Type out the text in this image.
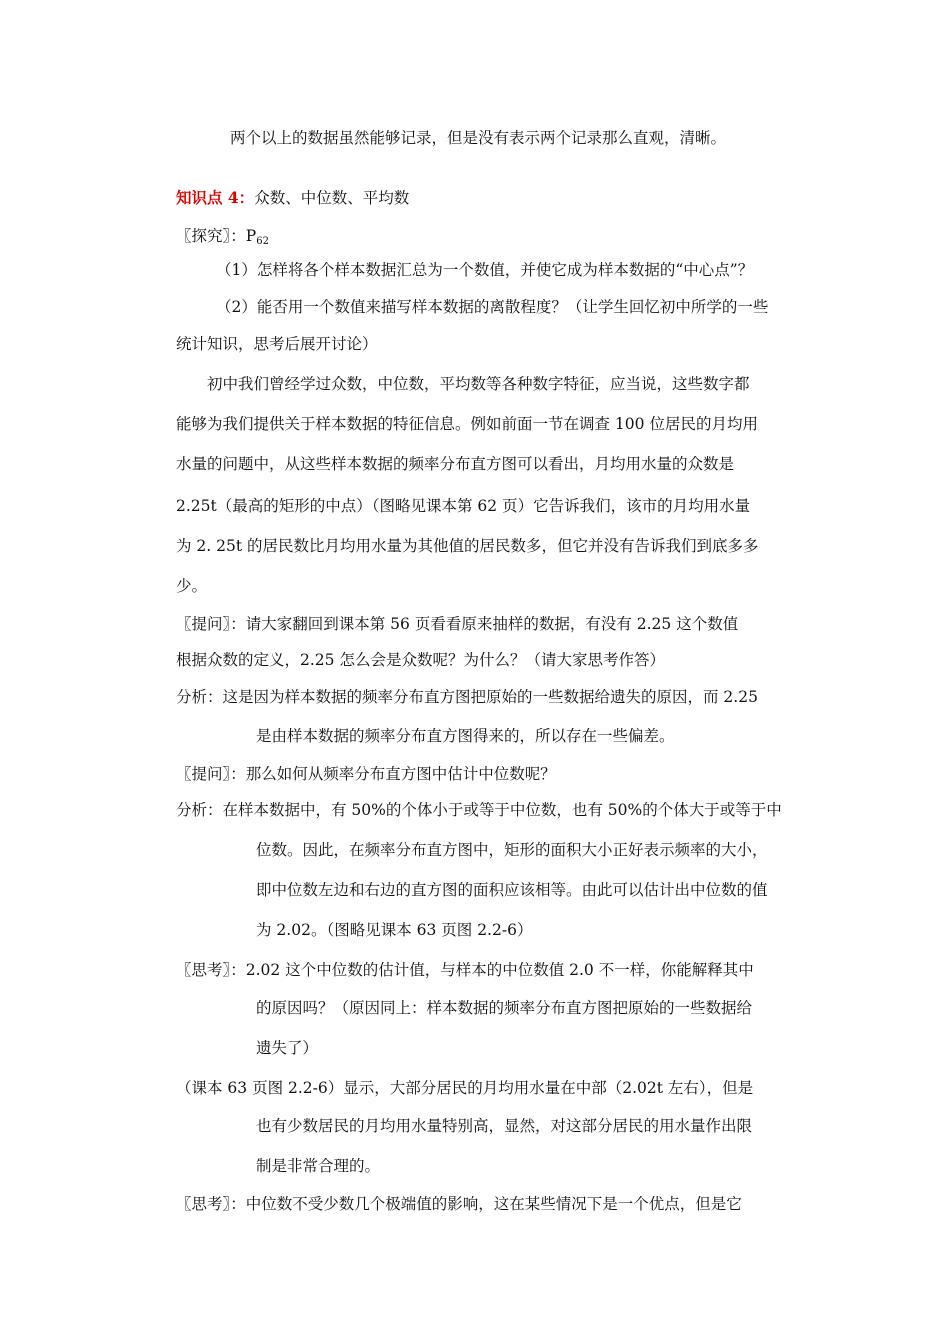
两个以上的数据虽然能够记录，但是没有表示两个记录那么直观，清晰。
知识点 4：众数、中位数、平均数
〖探究〗：P62
（1）怎样将各个样本数据汇总为一个数值，并使它成为样本数据的“中心点”？
（2）能否用一个数值来描写样本数据的离散程度？（让学生回忆初中所学的一些
统计知识，思考后展开讨论）
初中我们曾经学过众数，中位数，平均数等各种数字特征，应当说，这些数字都
能够为我们提供关于样本数据的特征信息。例如前面一节在调查 100 位居民的月均用
水量的问题中，从这些样本数据的频率分布直方图可以看出，月均用水量的众数是
2.25t（最高的矩形的中点）（图略见课本第 62 页）它告诉我们，该市的月均用水量
为 2. 25t 的居民数比月均用水量为其他值的居民数多，但它并没有告诉我们到底多多
少。
〖提问〗：请大家翻回到课本第 56 页看看原来抽样的数据，有没有 2.25 这个数值
根据众数的定义，2.25 怎么会是众数呢？为什么？（请大家思考作答）
分析：这是因为样本数据的频率分布直方图把原始的一些数据给遗失的原因，而 2.25
是由样本数据的频率分布直方图得来的，所以存在一些偏差。
〖提问〗：那么如何从频率分布直方图中估计中位数呢？
分析：在样本数据中，有 50%的个体小于或等于中位数，也有 50%的个体大于或等于中
位数。因此，在频率分布直方图中，矩形的面积大小正好表示频率的大小，
即中位数左边和右边的直方图的面积应该相等。由此可以估计出中位数的值
为 2.02。（图略见课本 63 页图 2.2-6）
〖思考〗：2.02 这个中位数的估计值，与样本的中位数值 2.0 不一样，你能解释其中
的原因吗？（原因同上：样本数据的频率分布直方图把原始的一些数据给
遗失了）
（课本 63 页图 2.2-6）显示，大部分居民的月均用水量在中部（2.02t 左右），但是
也有少数居民的月均用水量特别高，显然，对这部分居民的用水量作出限
制是非常合理的。
〖思考〗：中位数不受少数几个极端值的影响，这在某些情况下是一个优点，但是它
